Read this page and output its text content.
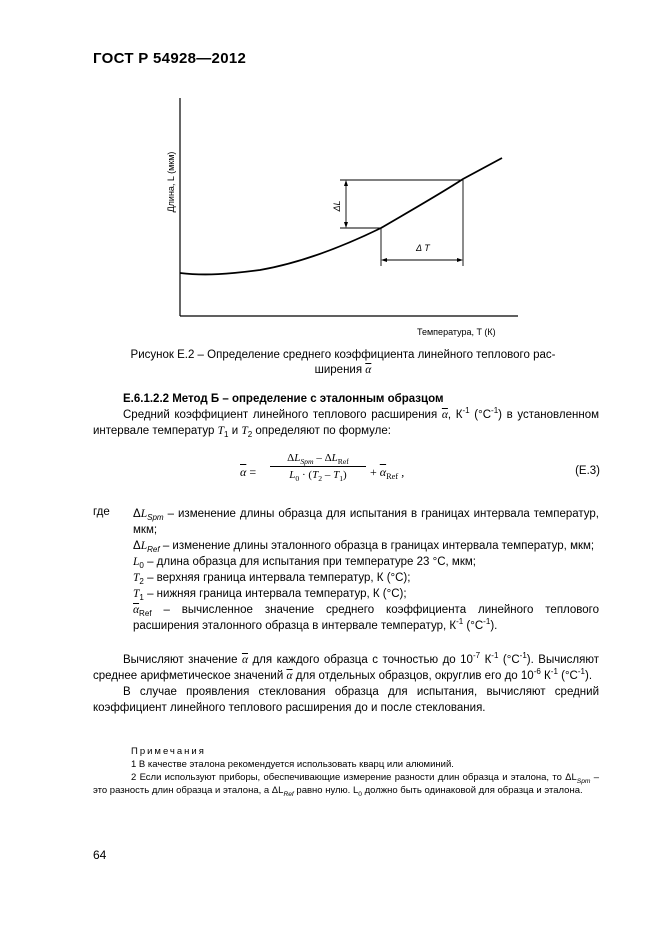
ГОСТ Р 54928—2012
Длина, L (мкм)
Температура, T (К)
ΔL
Δ T
Рисунок Е.2 – Определение среднего коэффициента линейного теплового рас-
ширения $\overline{\alpha}$
Е.6.1.2.2 Метод Б – определение с эталонным образцом
Средний коэффициент линейного теплового расширения $\overline{\alpha}$, $К^{-1}$ $(^\circ С^{-1})$ в установленном интервале температур $T_1$ и $T_2$ определяют по формуле:
$\overline{\alpha}$ =
$\Delta L_{Spm} - \Delta L_{Ref}$
$L_0 \cdot (T_2 - T_1)$	+ $\overline{\alpha}_{Ref}$ ,	(Е.3)
где $\Delta L_{Spm}$ – изменение длины образца для испытания в границах интервала температур, мкм;
$\Delta L_{Ref}$ – изменение длины эталонного образца в границах интервала температур, мкм;
$L_0$ – длина образца для испытания при температуре 23 °С, мкм;
$T_2$ – верхняя граница интервала температур, К (°С);
$T_1$ – нижняя граница интервала температур, К (°С);
$\overline{\alpha}_{Ref}$ – вычисленное значение среднего коэффициента линейного теплового расширения эталонного образца в интервале температур, $К^{-1}$ $(^\circ С^{-1})$.
Вычисляют значение $\overline{\alpha}$ для каждого образца с точностью до $10^{-7}$ $К^{-1}$ $(^\circ С^{-1})$. Вычисляют среднее арифметическое значений $\overline{\alpha}$ для отдельных образцов, округлив его до $10^{-6}$ $К^{-1}$ $(^\circ С^{-1})$.
В случае проявления стеклования образца для испытания, вычисляют средний коэффициент линейного теплового расширения до и после стеклования.
Примечания

1 В качестве эталона рекомендуется использовать кварц или алюминий.

2 Если используют приборы, обеспечивающие измерение разности длин образца и эталона, то $\Delta L_{Spm}$ – это разность длин образца и эталона, а $\Delta L_{Ref}$ равно нулю. $L_0$ должно быть одинаковой для образца и эталона.

64
